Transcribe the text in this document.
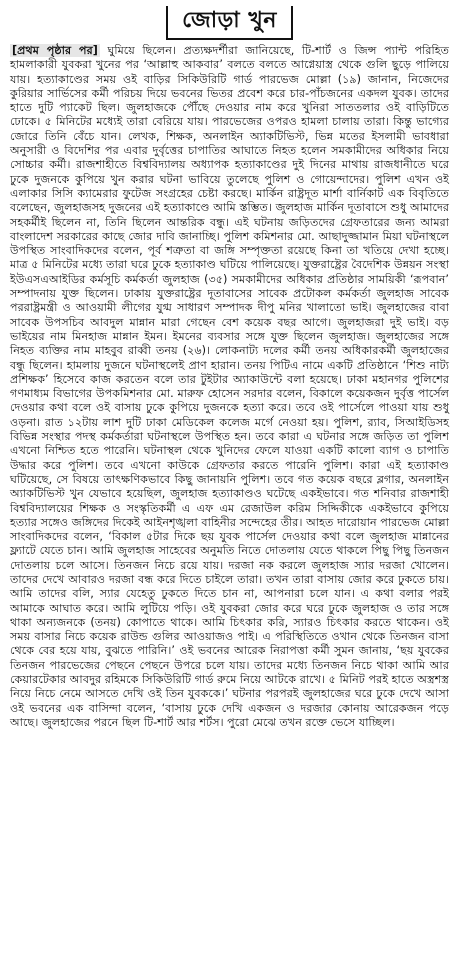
জোড়া খুন

[প্রথম পৃষ্ঠার পর] ঘুমিয়ে ছিলেন। প্রত্যক্ষদর্শীরা জানিয়েছে, টি-শার্ট ও জিন্স প্যান্ট পরিহিত হামলাকারী যুবকরা খুনের পর ‘আল্লাহু আকবার’ বলতে বলতে আগ্নেয়াস্ত্র থেকে গুলি ছুড়ে পালিয়ে যায়। হত্যাকাণ্ডের সময় ওই বাড়ির সিকিউরিটি গার্ড পারভেজ মোল্লা (১৯) জানান, নিজেদের কুরিয়ার সার্ভিসের কর্মী পরিচয় দিয়ে ভবনের ভিতর প্রবেশ করে চার-পাঁচজনের একদল যুবক। তাদের হাতে দুটি প্যাকেট ছিল। জুলহাজকে পৌঁছে দেওয়ার নাম করে খুনিরা সাততলার ওই বাড়িটিতে ঢোকে। ৫ মিনিটের মধ্যেই তারা বেরিয়ে যায়। পারভেজের ওপরও হামলা চালায় তারা। কিন্তু ভাগ্যের জোরে তিনি বেঁচে যান। লেখক, শিক্ষক, অনলাইন অ্যাকটিভিস্ট, ভিন্ন মতের ইসলামী ভাবধারা অনুসারী ও বিদেশির পর এবার দুর্বৃত্তের চাপাতির আঘাতে নিহত হলেন সমকামীদের অধিকার নিয়ে সোচ্চার কর্মী। রাজশাহীতে বিশ্ববিদ্যালয় অধ্যাপক হত্যাকাণ্ডের দুই দিনের মাথায় রাজধানীতে ঘরে ঢুকে দুজনকে কুপিয়ে খুন করার ঘটনা ভাবিয়ে তুলেছে পুলিশ ও গোয়েন্দাদের। পুলিশ এখন ওই এলাকার সিসি ক্যামেরার ফুটেজ সংগ্রহের চেষ্টা করছে। মার্কিন রাষ্ট্রদূত মার্শা বার্নিকাট এক বিবৃতিতে বলেছেন, জুলহাজসহ দুজনের এই হত্যাকাণ্ডে আমি স্তম্ভিত। জুলহাজ মার্কিন দূতাবাসে শুধু আমাদের সহকর্মীই ছিলেন না, তিনি ছিলেন আন্তরিক বন্ধু। এই ঘটনায় জড়িতদের গ্রেফতারের জন্য আমরা বাংলাদেশ সরকারের কাছে জোর দাবি জানাচ্ছি। পুলিশ কমিশনার মো. আছাদুজ্জামান মিয়া ঘটনাস্থলে উপস্থিত সাংবাদিকদের বলেন, পূর্ব শত্রুতা বা জঙ্গি সম্পৃক্ততা রয়েছে কিনা তা খতিয়ে দেখা হচ্ছে। মাত্র ৫ মিনিটের মধ্যে তারা ঘরে ঢুকে হত্যাকাণ্ড ঘটিয়ে পালিয়েছে। যুক্তরাষ্ট্রের বৈদেশিক উন্নয়ন সংস্থা ইউএসএআইডির কর্মসূচি কর্মকর্তা জুলহাজ (৩৫) সমকামীদের অধিকার প্রতিষ্ঠার সাময়িকী ‘রূপবান’ সম্পাদনায় যুক্ত ছিলেন। ঢাকায় যুক্তরাষ্ট্রের দূতাবাসের সাবেক প্রটোকল কর্মকর্তা জুলহাজ সাবেক পররাষ্ট্রমন্ত্রী ও আওয়ামী লীগের যুগ্ম সাধারণ সম্পাদক দীপু মনির খালাতো ভাই। জুলহাজের বাবা সাবেক উপসচিব আবদুল মান্নান মারা গেছেন বেশ কয়েক বছর আগে। জুলহাজরা দুই ভাই। বড় ভাইয়ের নাম মিনহাজ মান্নান ইমন। ইমনের ব্যবসার সঙ্গে যুক্ত ছিলেন জুলহাজ। জুলহাজের সঙ্গে নিহত ব্যক্তির নাম মাহবুব রাব্বী তনয় (২৬)। লোকনাট্য দলের কর্মী তনয় অধিকারকর্মী জুলহাজের বন্ধু ছিলেন। হামলায় দুজনে ঘটনাস্থলেই প্রাণ হারান। তনয় পিটিএ নামে একটি প্রতিষ্ঠানে ‘শিশু নাট্য প্রশিক্ষক’ হিসেবে কাজ করতেন বলে তার টুইটার অ্যাকাউন্টে বলা হয়েছে। ঢাকা মহানগর পুলিশের গণমাধ্যম বিভাগের উপকমিশনার মো. মারুফ হোসেন সরদার বলেন, বিকালে কয়েকজন দুর্বৃত্ত পার্সেল দেওয়ার কথা বলে ওই বাসায় ঢুকে কুপিয়ে দুজনকে হত্যা করে। তবে ওই পার্সেলে পাওয়া যায় শুধু ওড়না। রাত ১২টায় লাশ দুটি ঢাকা মেডিকেল কলেজ মর্গে নেওয়া হয়। পুলিশ, র‌্যাব, সিআইডিসহ বিভিন্ন সংস্থার পদস্থ কর্মকর্তারা ঘটনাস্থলে উপস্থিত হন। তবে কারা এ ঘটনার সঙ্গে জড়িত তা পুলিশ এখনো নিশ্চিত হতে পারেনি। ঘটনাস্থল থেকে খুনিদের ফেলে যাওয়া একটি কালো ব্যাগ ও চাপাতি উদ্ধার করে পুলিশ। তবে এখনো কাউকে গ্রেফতার করতে পারেনি পুলিশ। কারা এই হত্যাকাণ্ড ঘটিয়েছে, সে বিষয়ে তাৎক্ষণিকভাবে কিছু জানায়নি পুলিশ। তবে গত কয়েক বছরে ব্লগার, অনলাইন অ্যাকটিভিস্ট খুন যেভাবে হয়েছিল, জুলহাজ হত্যাকাণ্ডও ঘটেছে একইভাবে। গত শনিবার রাজশাহী বিশ্ববিদ্যালয়ের শিক্ষক ও সংস্কৃতিকর্মী এ এফ এম রেজাউল করিম সিদ্দিকীকে একইভাবে কুপিয়ে হত্যার সঙ্গেও জঙ্গিদের দিকেই আইনশৃঙ্খলা বাহিনীর সন্দেহের তীর। আহত দারোয়ান পারভেজ মোল্লা সাংবাদিকদের বলেন, ‘বিকাল ৫টার দিকে ছয় যুবক পার্সেল দেওয়ার কথা বলে জুলহাজ মান্নানের ফ্ল্যাটে যেতে চান। আমি জুলহাজ সাহেবের অনুমতি নিতে দোতলায় যেতে থাকলে পিছু পিছু তিনজন দোতলায় চলে আসে। তিনজন নিচে রয়ে যায়। দরজা নক করলে জুলহাজ স্যার দরজা খোলেন। তাদের দেখে আবারও দরজা বন্ধ করে দিতে চাইলে তারা। তখন তারা বাসায় জোর করে ঢুকতে চায়। আমি তাদের বলি, স্যার যেহেতু ঢুকতে দিতে চান না, আপনারা চলে যান। এ কথা বলার পরই আমাকে আঘাত করে। আমি লুটিয়ে পড়ি। ওই যুবকরা জোর করে ঘরে ঢুকে জুলহাজ ও তার সঙ্গে থাকা অন্যজনকে (তনয়) কোপাতে থাকে। আমি চিৎকার করি, স্যারও চিৎকার করতে থাকেন। ওই সময় বাসার নিচে কয়েক রাউন্ড গুলির আওয়াজও পাই। এ পরিস্থিতিতে ওখান থেকে তিনজন বাসা থেকে বের হয়ে যায়, বুঝতে পারিনি।’ ওই ভবনের আরেক নিরাপত্তা কর্মী সুমন জানায়, ‘ছয় যুবকের তিনজন পারভেজের পেছনে পেছনে উপরে চলে যায়। তাদের মধ্যে তিনজন নিচে থাকা আমি আর কেয়ারটেকার আবদুর রহিমকে সিকিউরিটি গার্ড রুমে নিয়ে আটকে রাখে। ৫ মিনিট পরই হাতে অস্ত্রশস্ত্র নিয়ে নিচে নেমে আসতে দেখি ওই তিন যুবককে।’ ঘটনার পরপরই জুলহাজের ঘরে ঢুকে দেখে আসা ওই ভবনের এক বাসিন্দা বলেন, ‘বাসায় ঢুকে দেখি একজন ও দরজার কোনায় আরেকজন পড়ে আছে। জুলহাজের পরনে ছিল টি-শার্ট আর শর্টস। পুরো মেঝে তখন রক্তে ভেসে যাচ্ছিল।
